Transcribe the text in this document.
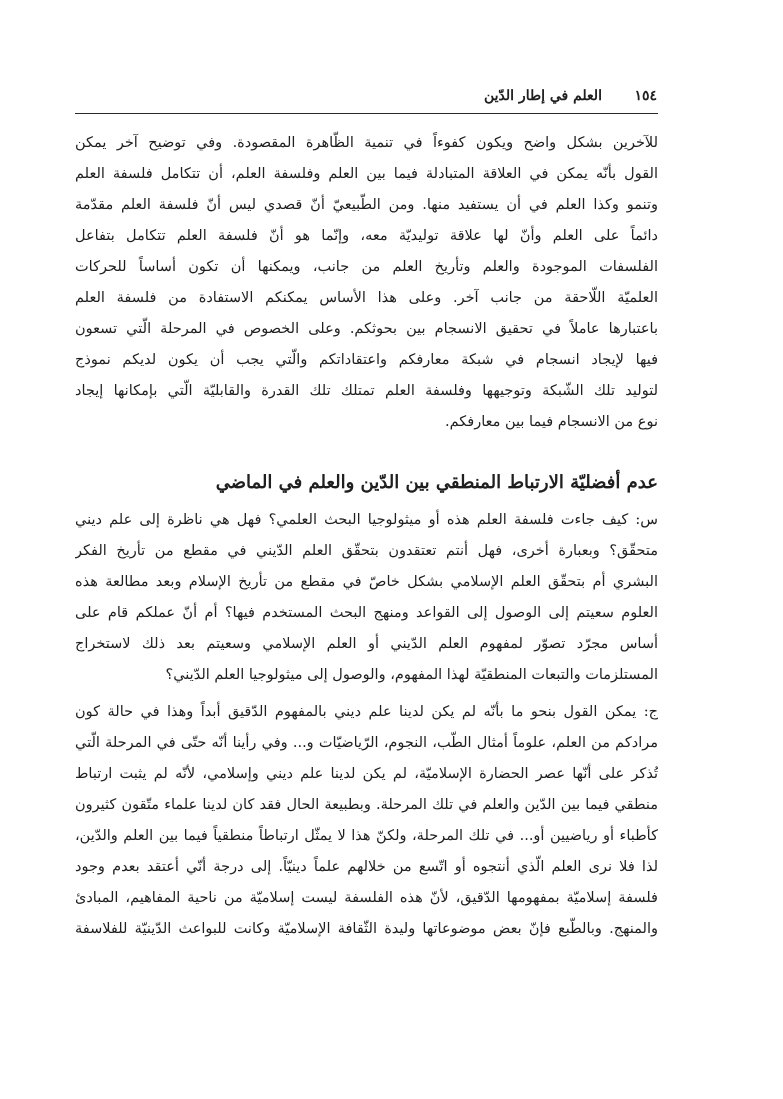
العلم في إطار الدّين ١٥٤
للآخرين بشكل واضح ويكون كفوءاً في تنمية الظّاهرة المقصودة. وفي توضيح آخر يمكن
القول بأنّه يمكن في العلاقة المتبادلة فيما بين العلم وفلسفة العلم، أن تتكامل فلسفة العلم
وتنمو وكذا العلم في أن يستفيد منها. ومن الطّبيعيّ أنّ قصدي ليس أنّ فلسفة العلم مقدّمة
دائماً على العلم وأنّ لها علاقة توليديّة معه، وإنّما هو أنّ فلسفة العلم تتكامل بتفاعل
الفلسفات الموجودة والعلم وتأريخ العلم من جانب، ويمكنها أن تكون أساساً للحركات
العلميّة اللّاحقة من جانب آخر. وعلى هذا الأساس يمكنكم الاستفادة من فلسفة العلم
باعتبارها عاملاً في تحقيق الانسجام بين بحوثكم. وعلى الخصوص في المرحلة الّتي تسعون
فيها لإيجاد انسجام في شبكة معارفكم واعتقاداتكم والّتي يجب أن يكون لديكم نموذج
لتوليد تلك الشّبكة وتوجيهها وفلسفة العلم تمتلك تلك القدرة والقابليّة الّتي بإمكانها إيجاد
نوع من الانسجام فيما بين معارفكم.
عدم أفضليّة الارتباط المنطقي بين الدّين والعلم في الماضي
س: كيف جاءت فلسفة العلم هذه أو ميثولوجيا البحث العلمي؟ فهل هي ناظرة إلى علم ديني
متحقّق؟ وبعبارة أخرى، فهل أنتم تعتقدون بتحقّق العلم الدّيني في مقطع من تأريخ الفكر
البشري أم بتحقّق العلم الإسلامي بشكل خاصّ في مقطع من تأريخ الإسلام وبعد مطالعة هذه
العلوم سعيتم إلى الوصول إلى القواعد ومنهج البحث المستخدم فيها؟ أم أنّ عملكم قام على
أساس مجرّد تصوّر لمفهوم العلم الدّيني أو العلم الإسلامي وسعيتم بعد ذلك لاستخراج
المستلزمات والتبعات المنطقيّة لهذا المفهوم، والوصول إلى ميثولوجيا العلم الدّيني؟
ج: يمكن القول بنحو ما بأنّه لم يكن لدينا علم ديني بالمفهوم الدّقيق أبداً وهذا في حالة كون
مرادكم من العلم، علوماً أمثال الطّب، النجوم، الرّياضيّات و... وفي رأينا أنّه حتّى في المرحلة الّتي
تُذكر على أنّها عصر الحضارة الإسلاميّة، لم يكن لدينا علم ديني وإسلامي، لأنّه لم يثبت ارتباط
منطقي فيما بين الدّين والعلم في تلك المرحلة. وبطبيعة الحال فقد كان لدينا علماء متّقون كثيرون
كأطباء أو رياضيين أو... في تلك المرحلة، ولكنّ هذا لا يمثّل ارتباطاً منطقياً فيما بين العلم والدّين،
لذا فلا نرى العلم الّذي أنتجوه أو اتّسع من خلالهم علماً دينيّاً. إلى درجة أنّي أعتقد بعدم وجود
فلسفة إسلاميّة بمفهومها الدّقيق، لأنّ هذه الفلسفة ليست إسلاميّة من ناحية المفاهيم، المبادئ
والمنهج. وبالطّبع فإنّ بعض موضوعاتها وليدة الثّقافة الإسلاميّة وكانت للبواعث الدّينيّة للفلاسفة
